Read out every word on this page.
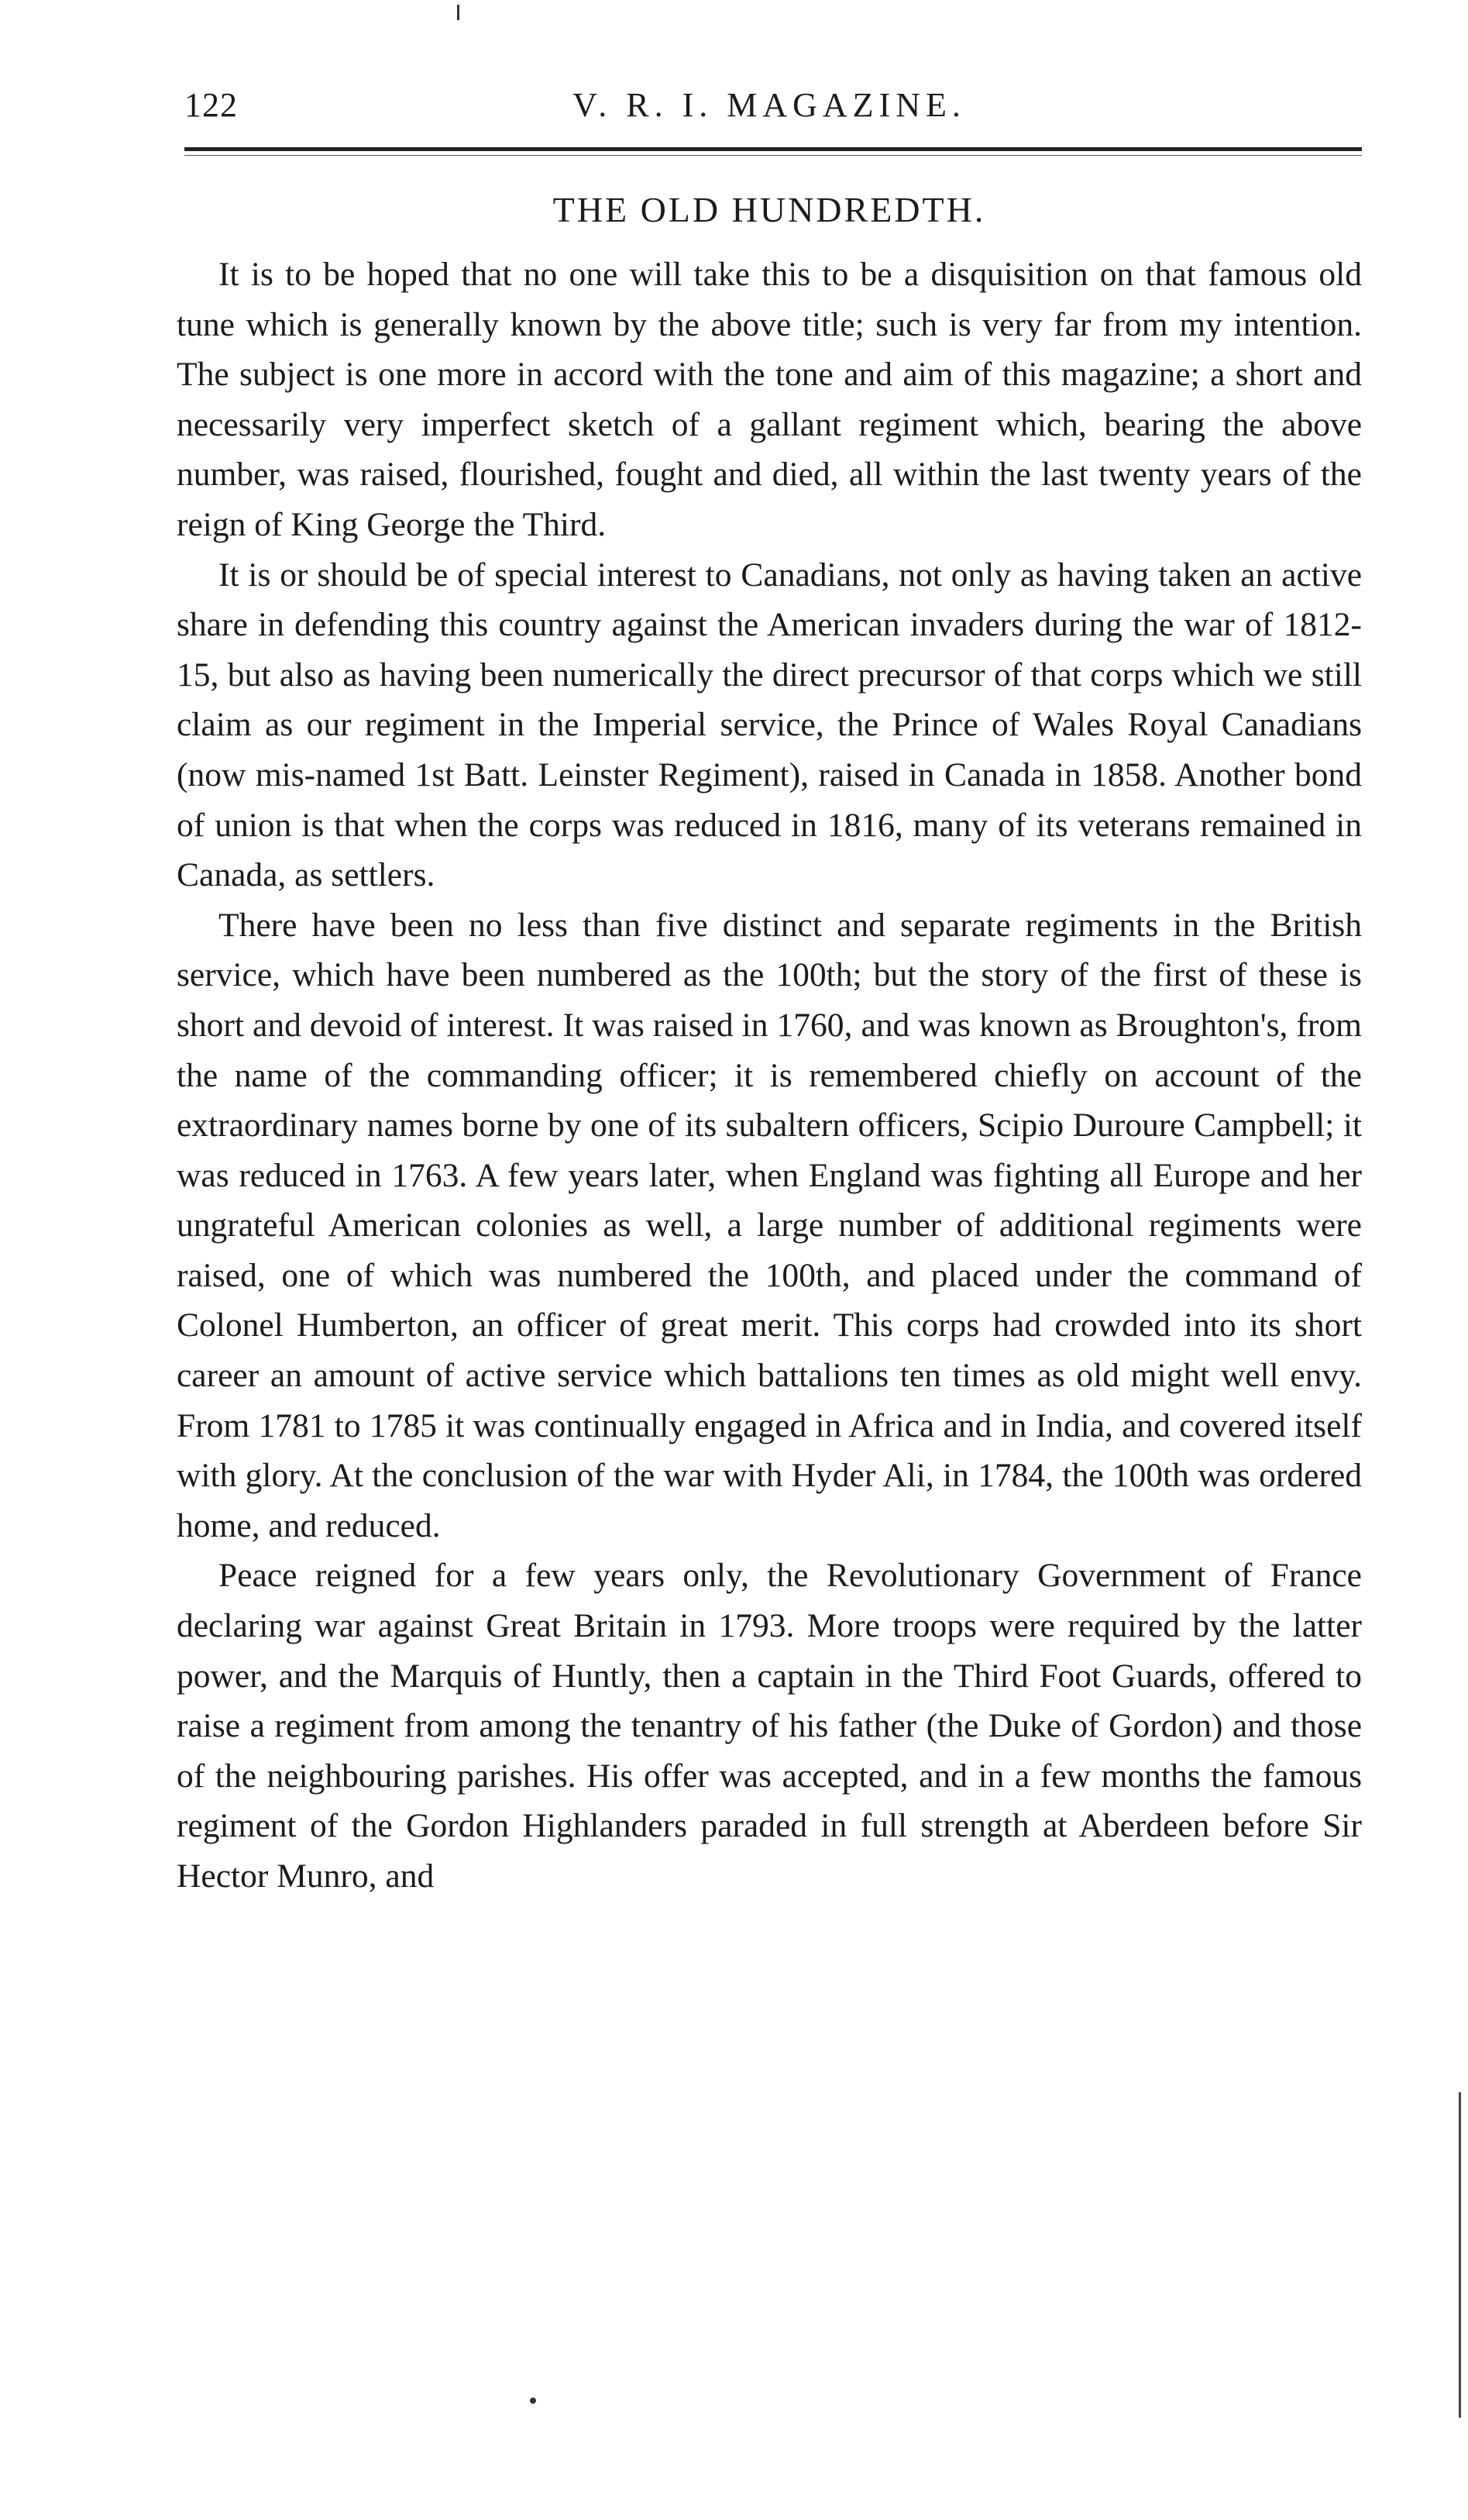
122	V. R. I. MAGAZINE.
THE OLD HUNDREDTH.

It is to be hoped that no one will take this to be a disquisition on that famous old tune which is generally known by the above title; such is very far from my intention. The subject is one more in accord with the tone and aim of this magazine; a short and necessarily very imperfect sketch of a gallant regiment which, bearing the above number, was raised, flourished, fought and died, all within the last twenty years of the reign of King George the Third.

It is or should be of special interest to Canadians, not only as having taken an active share in defending this country against the American invaders during the war of 1812-15, but also as having been numerically the direct precursor of that corps which we still claim as our regiment in the Imperial service, the Prince of Wales Royal Canadians (now mis-named 1st Batt. Leinster Regiment), raised in Canada in 1858. Another bond of union is that when the corps was reduced in 1816, many of its veterans remained in Canada, as settlers.

There have been no less than five distinct and separate regiments in the British service, which have been numbered as the 100th; but the story of the first of these is short and devoid of interest. It was raised in 1760, and was known as Broughton's, from the name of the commanding officer; it is remembered chiefly on account of the extraordinary names borne by one of its subaltern officers, Scipio Duroure Campbell; it was reduced in 1763. A few years later, when England was fighting all Europe and her ungrateful American colonies as well, a large number of additional regiments were raised, one of which was numbered the 100th, and placed under the command of Colonel Humberton, an officer of great merit. This corps had crowded into its short career an amount of active service which battalions ten times as old might well envy. From 1781 to 1785 it was continually engaged in Africa and in India, and covered itself with glory. At the conclusion of the war with Hyder Ali, in 1784, the 100th was ordered home, and reduced.

Peace reigned for a few years only, the Revolutionary Government of France declaring war against Great Britain in 1793. More troops were required by the latter power, and the Marquis of Huntly, then a captain in the Third Foot Guards, offered to raise a regiment from among the tenantry of his father (the Duke of Gordon) and those of the neighbouring parishes. His offer was accepted, and in a few months the famous regiment of the Gordon Highlanders paraded in full strength at Aberdeen before Sir Hector Munro, and
